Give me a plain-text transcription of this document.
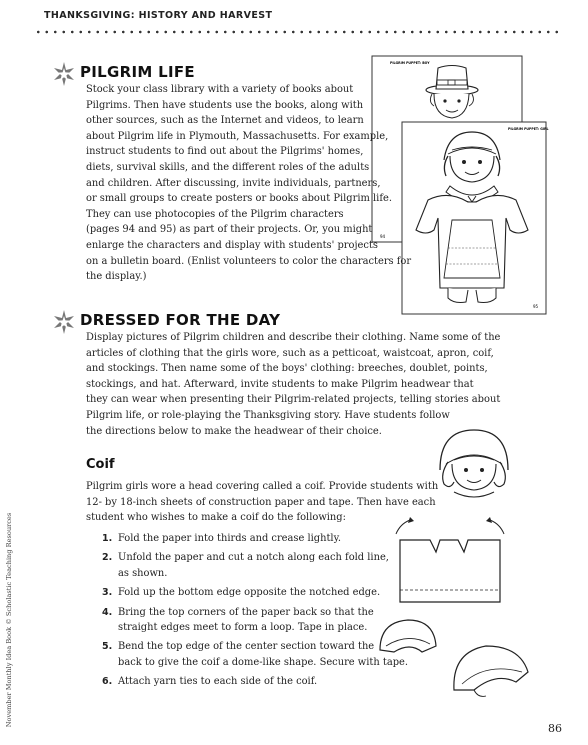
THANKSGIVING: HISTORY AND HARVEST
PILGRIM PUPPET: BOY
94
PILGRIM PUPPET: GIRL
95
PILGRIM LIFE
Stock your class library with a variety of books about
Pilgrims. Then have students use the books, along with
other sources, such as the Internet and videos, to learn
about Pilgrim life in Plymouth, Massachusetts. For example,
instruct students to find out about the Pilgrims' homes,
diets, survival skills, and the different roles of the adults
and children. After discussing, invite individuals, partners,
or small groups to create posters or books about Pilgrim life.
They can use photocopies of the Pilgrim characters
(pages 94 and 95) as part of their projects. Or, you might
enlarge the characters and display with students' projects
on a bulletin board. (Enlist volunteers to color the characters for
the display.)
DRESSED FOR THE DAY
Display pictures of Pilgrim children and describe their clothing. Name some of the
articles of clothing that the girls wore, such as a petticoat, waistcoat, apron, coif,
and stockings. Then name some of the boys' clothing: breeches, doublet, points,
stockings, and hat. Afterward, invite students to make Pilgrim headwear that
they can wear when presenting their Pilgrim-related projects, telling stories about
Pilgrim life, or role-playing the Thanksgiving story. Have students follow
the directions below to make the headwear of their choice.
Coif
Pilgrim girls wore a head covering called a coif. Provide students with
12- by 18-inch sheets of construction paper and tape. Then have each
student who wishes to make a coif do the following:
1. Fold the paper into thirds and crease lightly.
2. Unfold the paper and cut a notch along each fold line,
as shown.
3. Fold up the bottom edge opposite the notched edge.
4. Bring the top corners of the paper back so that the
straight edges meet to form a loop. Tape in place.
5. Bend the top edge of the center section toward the
back to give the coif a dome-like shape. Secure with tape.
6. Attach yarn ties to each side of the coif.
November Monthly Idea Book © Scholastic Teaching Resources
86
